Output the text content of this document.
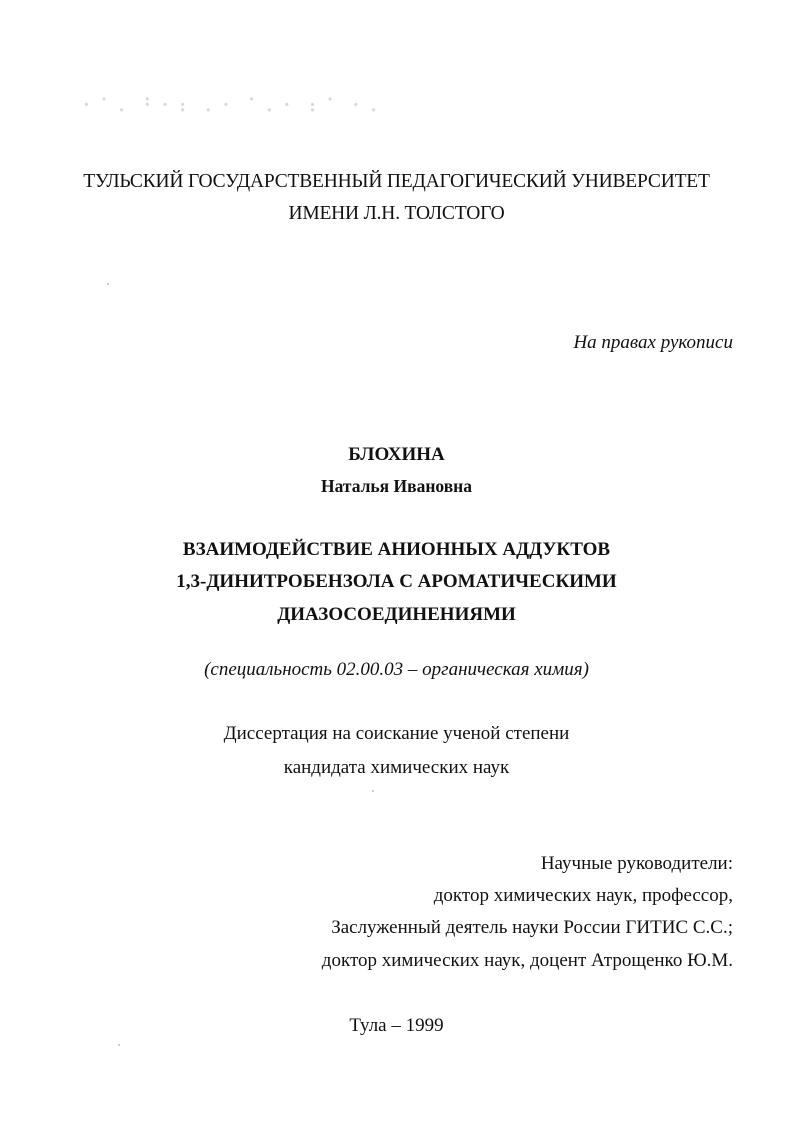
⠂⠁⠄ ⠃⠂⠆ ⠄⠂ ⠁⠄⠂ ⠆⠁ ⠂⠄
ТУЛЬСКИЙ ГОСУДАРСТВЕННЫЙ ПЕДАГОГИЧЕСКИЙ УНИВЕРСИТЕТ
ИМЕНИ Л.Н. ТОЛСТОГО
На правах рукописи
БЛОХИНА
Наталья Ивановна
ВЗАИМОДЕЙСТВИЕ АНИОННЫХ АДДУКТОВ
1,3-ДИНИТРОБЕНЗОЛА С АРОМАТИЧЕСКИМИ
ДИАЗОСОЕДИНЕНИЯМИ
(специальность 02.00.03 – органическая химия)
Диссертация на соискание ученой степени
кандидата химических наук
Научные руководители:
доктор химических наук, профессор,
Заслуженный деятель науки России ГИТИС С.С.;
доктор химических наук, доцент Атрощенко Ю.М.
Тула – 1999
